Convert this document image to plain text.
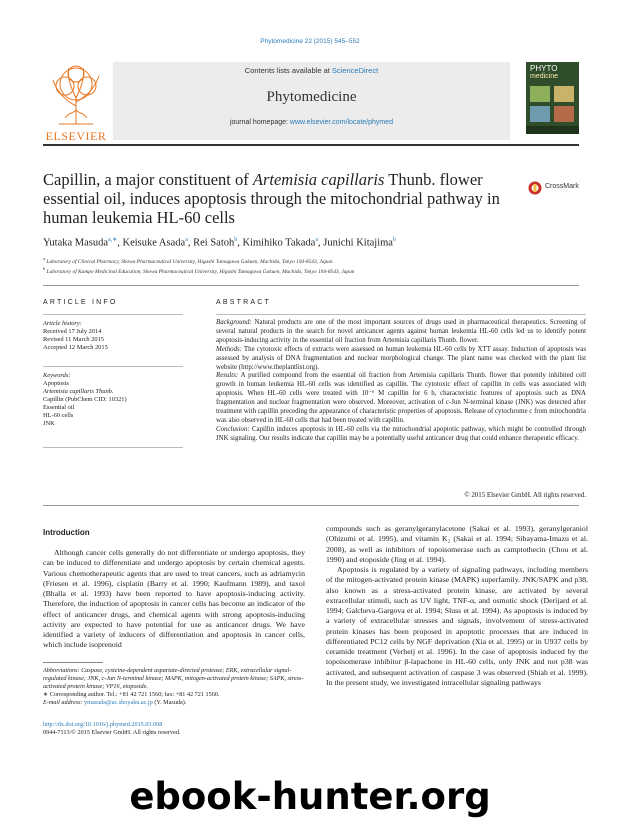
Phytomedicine 22 (2015) 545–552
ELSEVIER
Contents lists available at ScienceDirect
Phytomedicine
journal homepage: www.elsevier.com/locate/phymed
PHYTO
medicine
Capillin, a major constituent of Artemisia capillaris Thunb. flower essential oil, induces apoptosis through the mitochondrial pathway in human leukemia HL-60 cells
CrossMark
Yutaka Masuda$^{a,∗}$, Keisuke Asada$^a$, Rei Satoh$^b$, Kimihiko Takada$^a$, Junichi Kitajima$^b$
$^a$ Laboratory of Clinical Pharmacy, Showa Pharmaceutical University, Higashi Tamagawa Gakuen, Machida, Tokyo 194-8543, Japan
$^b$ Laboratory of Kampo Medicinal Education, Showa Pharmaceutical University, Higashi Tamagawa Gakuen, Machida, Tokyo 194-8543, Japan
ARTICLE INFO	ABSTRACT
Article history:
Received 17 July 2014
Revised 11 March 2015
Accepted 12 March 2015
Keywords:
Apoptosis
Artemisia capillaris Thunb.
Capillin (PubChem CID: 10321)
Essential oil
HL-60 cells
JNK

Background: Natural products are one of the most important sources of drugs used in pharmaceutical therapeutics. Screening of several natural products in the search for novel anticancer agents against human leukemia HL-60 cells led us to identify potent apoptosis-inducing activity in the essential oil fraction from Artemisia capillaris Thunb. flower.

Methods: The cytotoxic effects of extracts were assessed on human leukemia HL-60 cells by XTT assay. Induction of apoptosis was assessed by analysis of DNA fragmentation and nuclear morphological change. The plant name was checked with the plant list website (http://www.theplantlist.org).

Results: A purified compound from the essential oil fraction from Artemisia capillaris Thunb. flower that potently inhibited cell growth in human leukemia HL-60 cells was identified as capillin. The cytotoxic effect of capillin in cells was associated with apoptosis. When HL-60 cells were treated with 10⁻⁶ M capillin for 6 h, characteristic features of apoptosis such as DNA fragmentation and nuclear fragmentation were observed. Moreover, activation of c-Jun N-terminal kinase (JNK) was detected after treatment with capillin preceding the appearance of characteristic properties of apoptosis. Release of cytochrome c from mitochondria was also observed in HL-60 cells that had been treated with capillin.

Conclusion: Capillin induces apoptosis in HL-60 cells via the mitochondrial apoptotic pathway, which might be controlled through JNK signaling. Our results indicate that capillin may be a potentially useful anticancer drug that could enhance therapeutic efficacy.

© 2015 Elsevier GmbH. All rights reserved.
Introduction

Although cancer cells generally do not differentiate or undergo apoptosis, they can be induced to differentiate and undergo apoptosis by certain chemical agents. Various chemotherapeutic agents that are used to treat cancers, such as adriamycin (Friesen et al. 1996), cisplatin (Barry et al. 1990; Kaufmann 1989), and taxol (Bhalla et al. 1993) have been reported to have apoptosis-inducing activity. Therefore, the induction of apoptosis in cancer cells has become an indicator of the effect of anticancer drugs, and chemical agents with strong apoptosis-inducing activity are expected to have potential for use as anticancer drugs. We have identified a variety of inducers of differentiation and apoptosis in cancer cells, which include isoprenoid

compounds such as geranylgeranylacetone (Sakai et al. 1993), geranylgeraniol (Ohizumi et al. 1995), and vitamin K₂ (Sakai et al. 1994; Sibayama-Imazu et al. 2008), as well as inhibitors of topoisomerase such as camptothecin (Chou et al. 1990) and etoposide (Jing et al. 1994).

Apoptosis is regulated by a variety of signaling pathways, including members of the mitogen-activated protein kinase (MAPK) superfamily. JNK/SAPK and p38, also known as a stress-activated protein kinase, are activated by several extracellular stimuli, such as UV light, TNF-α, and osmotic shock (Derijard et al. 1994; Galcheva-Gargova et al. 1994; Sluss et al. 1994). As apoptosis is induced by a variety of extracellular stresses and signals, involvement of stress-activated protein kinases has been proposed in apoptotic processes that are induced in differentiated PC12 cells by NGF deprivation (Xia et al. 1995) or in U937 cells by ceramide treatment (Verheij et al. 1996). In the case of apoptosis induced by the topoisomerase inhibitor β-lapachone in HL-60 cells, only JNK and not p38 was activated, and subsequent activation of caspase 3 was observed (Shiah et al. 1999). In the present study, we investigated intracellular signaling pathways

Abbreviations: Caspase, cysteine-dependent aspartate-directed protease; ERK, extracellular signal-regulated kinase; JNK, c-Jun N-terminal kinase; MAPK, mitogen-activated protein kinase; SAPK, stress-activated protein kinase; VP16, etoposide.

∗ Corresponding author. Tel.: +81 42 721 1560; fax: +81 42 721 1560.

E-mail address: ymasuda@ac.shoyaku.ac.jp (Y. Masuda).

http://dx.doi.org/10.1016/j.phymed.2015.03.008

0944-7113/© 2015 Elsevier GmbH. All rights reserved.

ebook-hunter.org
